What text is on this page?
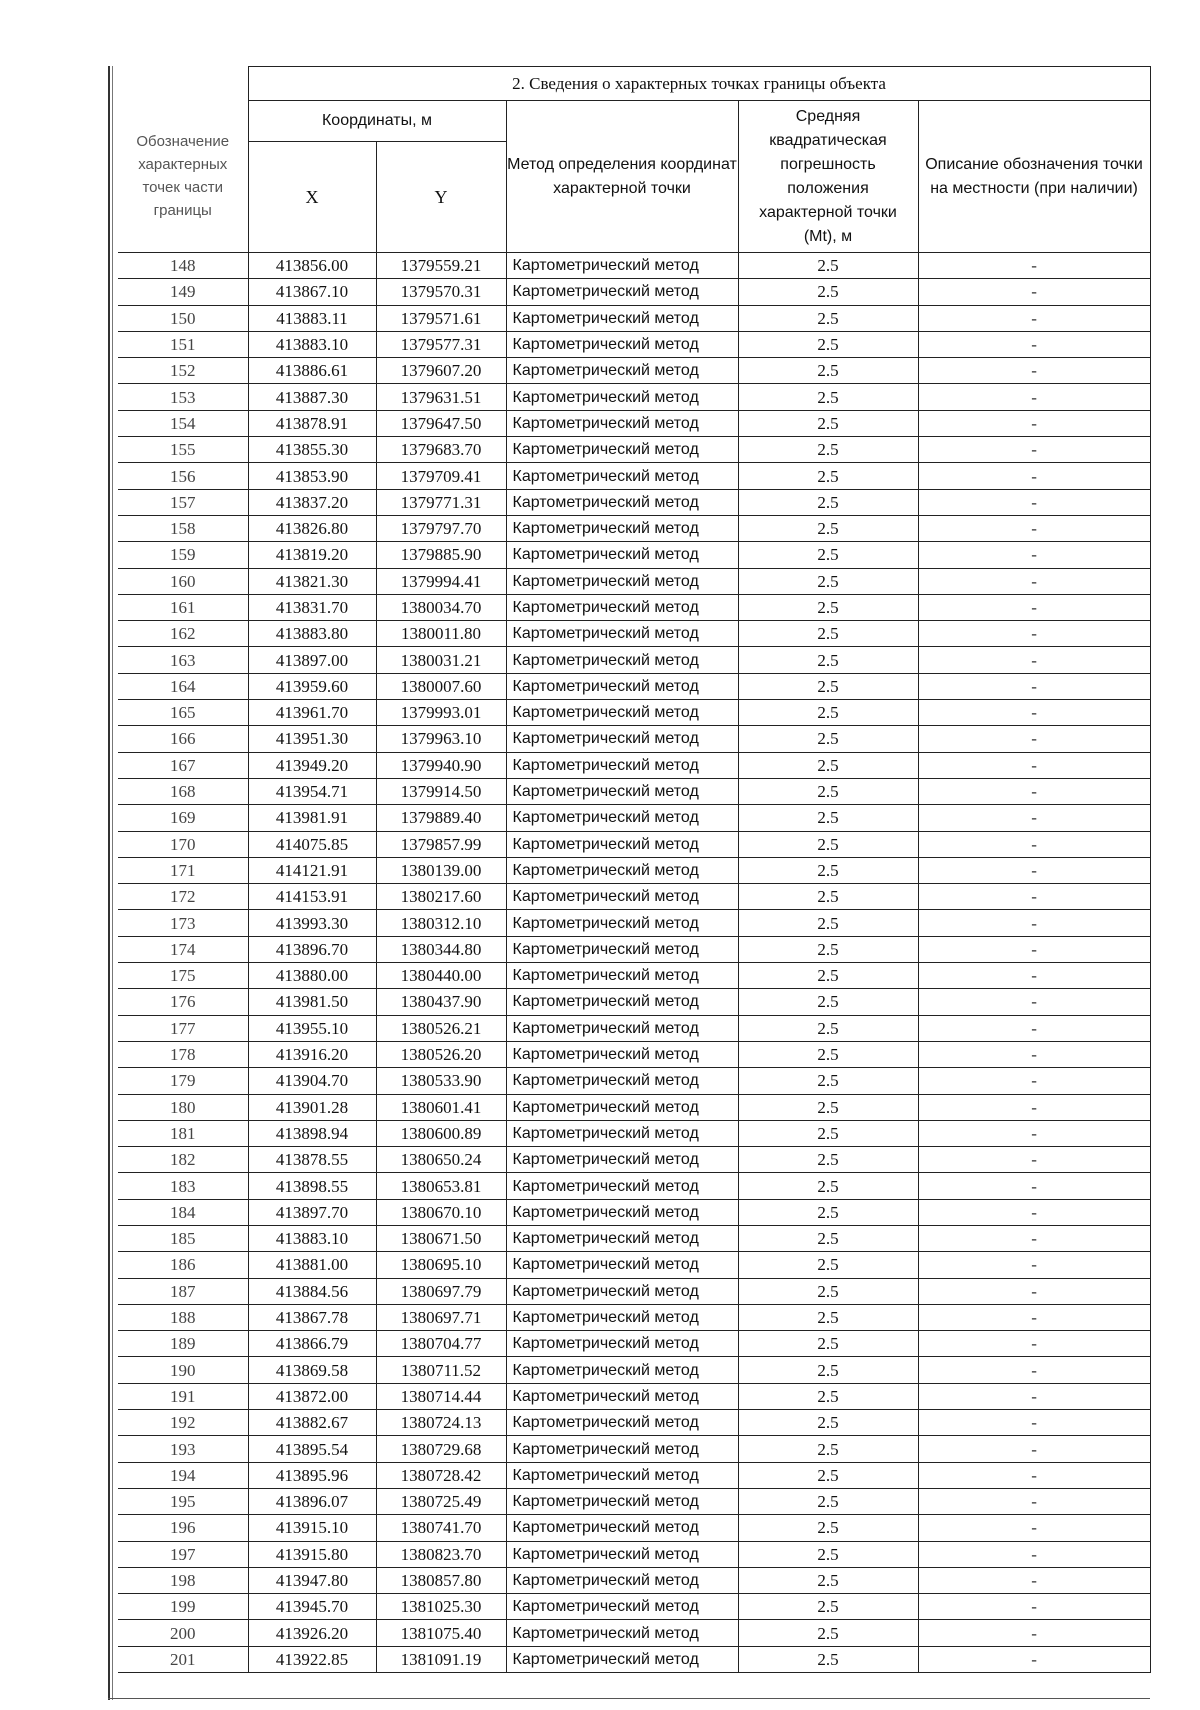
	2. Сведения о характерных точках границы объекта				
Обозначение характерных точек части границы	Координаты, м		Метод определения координат характерной точки	Средняя квадратическая погрешность положения характерной точки (Mt), м	Описание обозначения точки на местности (при наличии)
	X	Y			
148	413856.00	1379559.21	Картометрический метод	2.5	-
149	413867.10	1379570.31	Картометрический метод	2.5	-
150	413883.11	1379571.61	Картометрический метод	2.5	-
151	413883.10	1379577.31	Картометрический метод	2.5	-
152	413886.61	1379607.20	Картометрический метод	2.5	-
153	413887.30	1379631.51	Картометрический метод	2.5	-
154	413878.91	1379647.50	Картометрический метод	2.5	-
155	413855.30	1379683.70	Картометрический метод	2.5	-
156	413853.90	1379709.41	Картометрический метод	2.5	-
157	413837.20	1379771.31	Картометрический метод	2.5	-
158	413826.80	1379797.70	Картометрический метод	2.5	-
159	413819.20	1379885.90	Картометрический метод	2.5	-
160	413821.30	1379994.41	Картометрический метод	2.5	-
161	413831.70	1380034.70	Картометрический метод	2.5	-
162	413883.80	1380011.80	Картометрический метод	2.5	-
163	413897.00	1380031.21	Картометрический метод	2.5	-
164	413959.60	1380007.60	Картометрический метод	2.5	-
165	413961.70	1379993.01	Картометрический метод	2.5	-
166	413951.30	1379963.10	Картометрический метод	2.5	-
167	413949.20	1379940.90	Картометрический метод	2.5	-
168	413954.71	1379914.50	Картометрический метод	2.5	-
169	413981.91	1379889.40	Картометрический метод	2.5	-
170	414075.85	1379857.99	Картометрический метод	2.5	-
171	414121.91	1380139.00	Картометрический метод	2.5	-
172	414153.91	1380217.60	Картометрический метод	2.5	-
173	413993.30	1380312.10	Картометрический метод	2.5	-
174	413896.70	1380344.80	Картометрический метод	2.5	-
175	413880.00	1380440.00	Картометрический метод	2.5	-
176	413981.50	1380437.90	Картометрический метод	2.5	-
177	413955.10	1380526.21	Картометрический метод	2.5	-
178	413916.20	1380526.20	Картометрический метод	2.5	-
179	413904.70	1380533.90	Картометрический метод	2.5	-
180	413901.28	1380601.41	Картометрический метод	2.5	-
181	413898.94	1380600.89	Картометрический метод	2.5	-
182	413878.55	1380650.24	Картометрический метод	2.5	-
183	413898.55	1380653.81	Картометрический метод	2.5	-
184	413897.70	1380670.10	Картометрический метод	2.5	-
185	413883.10	1380671.50	Картометрический метод	2.5	-
186	413881.00	1380695.10	Картометрический метод	2.5	-
187	413884.56	1380697.79	Картометрический метод	2.5	-
188	413867.78	1380697.71	Картометрический метод	2.5	-
189	413866.79	1380704.77	Картометрический метод	2.5	-
190	413869.58	1380711.52	Картометрический метод	2.5	-
191	413872.00	1380714.44	Картометрический метод	2.5	-
192	413882.67	1380724.13	Картометрический метод	2.5	-
193	413895.54	1380729.68	Картометрический метод	2.5	-
194	413895.96	1380728.42	Картометрический метод	2.5	-
195	413896.07	1380725.49	Картометрический метод	2.5	-
196	413915.10	1380741.70	Картометрический метод	2.5	-
197	413915.80	1380823.70	Картометрический метод	2.5	-
198	413947.80	1380857.80	Картометрический метод	2.5	-
199	413945.70	1381025.30	Картометрический метод	2.5	-
200	413926.20	1381075.40	Картометрический метод	2.5	-
201	413922.85	1381091.19	Картометрический метод	2.5	-
